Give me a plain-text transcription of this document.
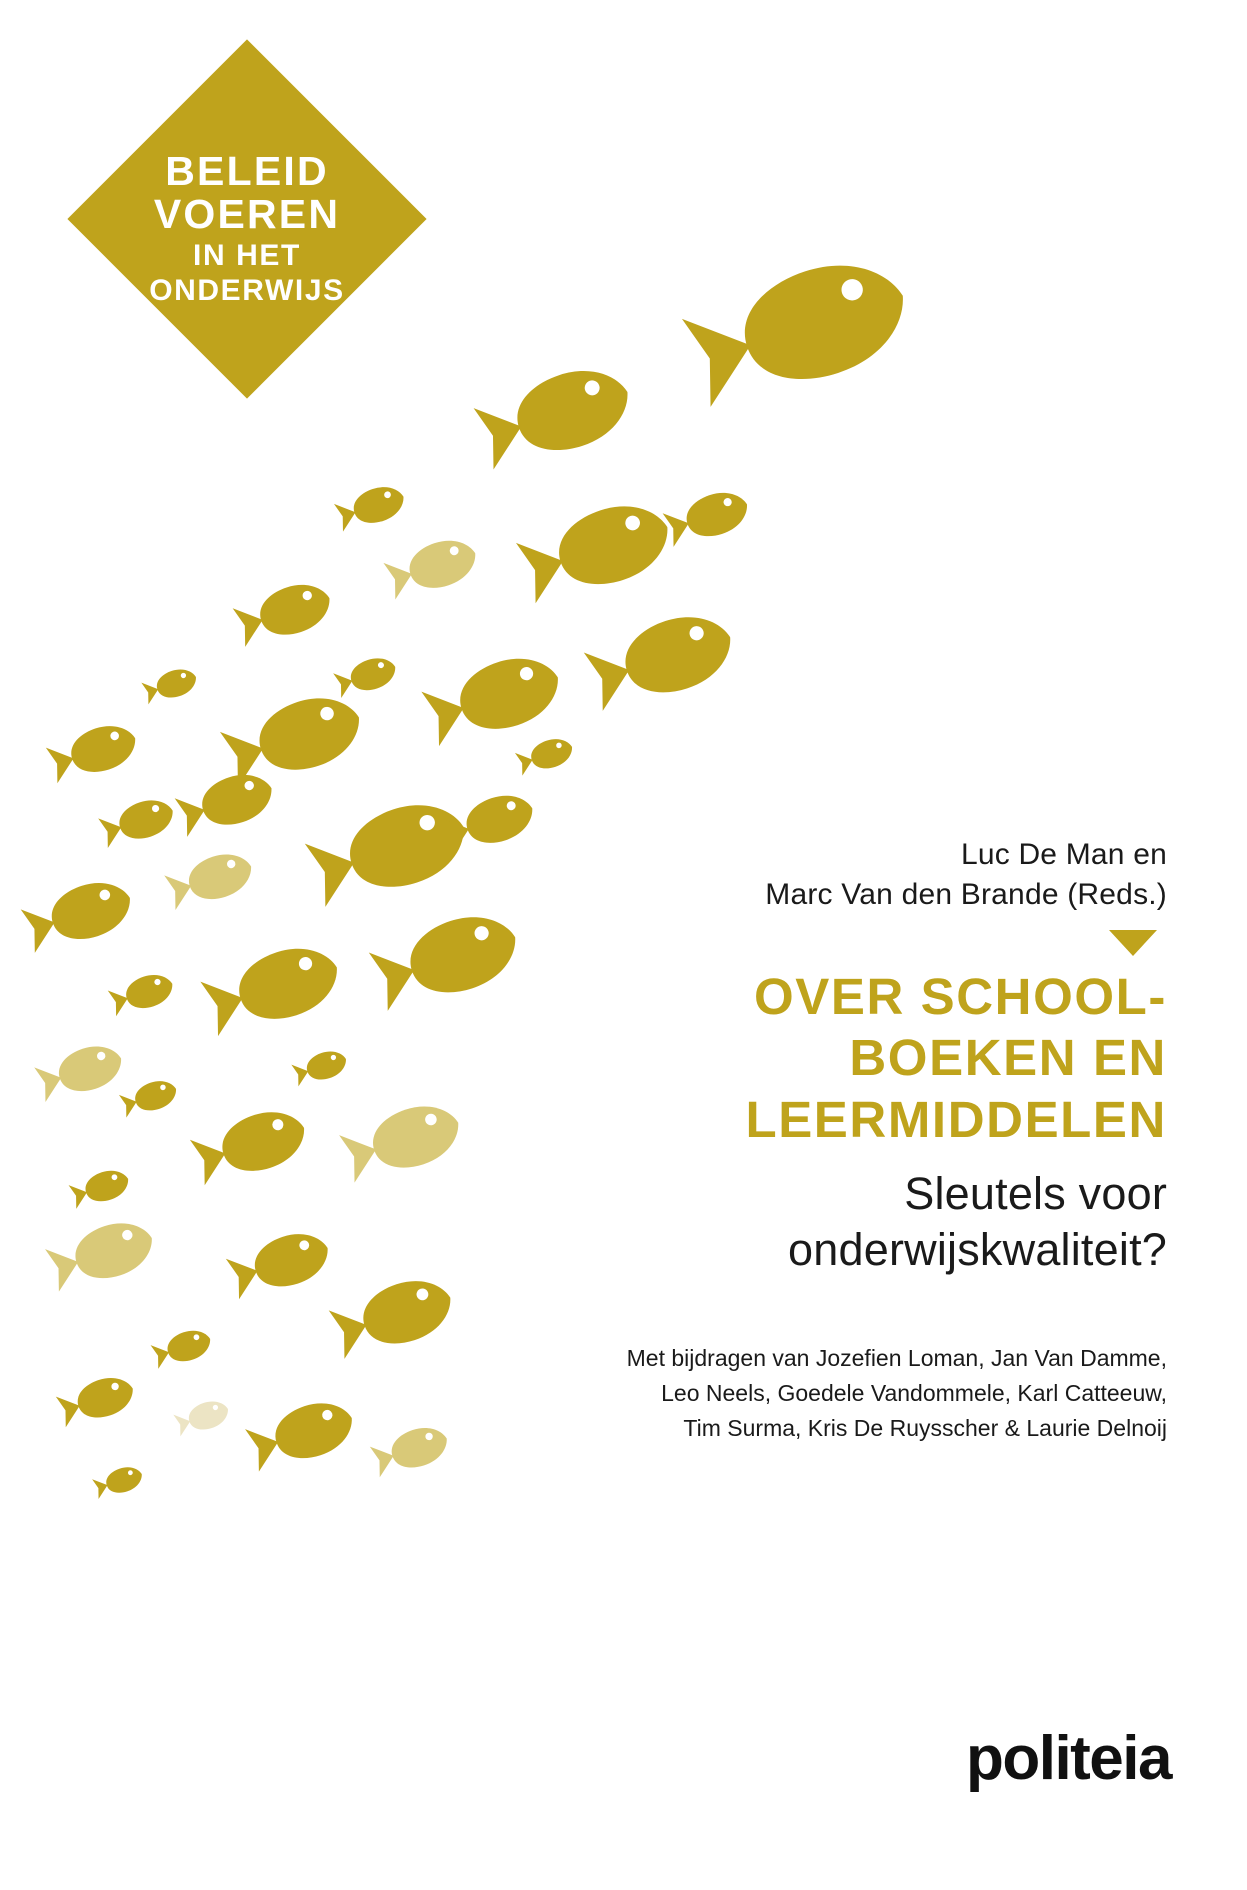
BELEID
VOEREN
IN HET
ONDERWIJS
Luc De Man en
Marc Van den Brande (Reds.)
OVER SCHOOL-
BOEKEN EN
LEERMIDDELEN
Sleutels voor
onderwijskwaliteit?
Met bijdragen van Jozefien Loman, Jan Van Damme,
Leo Neels, Goedele Vandommele, Karl Catteeuw,
Tim Surma, Kris De Ruysscher & Laurie Delnoij
politeia
